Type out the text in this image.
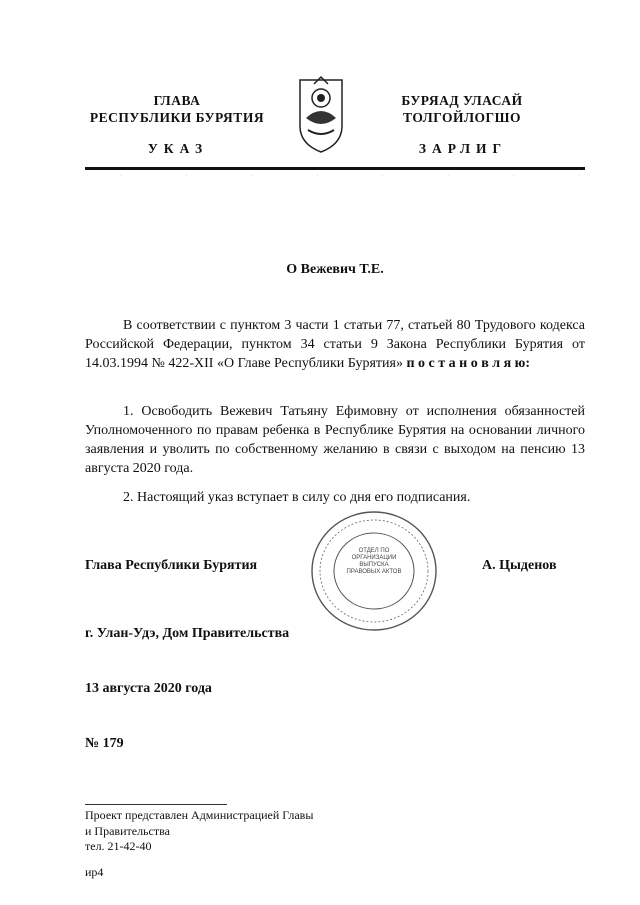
ГЛАВА
РЕСПУБЛИКИ БУРЯТИЯ
БУРЯАД УЛАСАЙ
ТОЛГОЙЛОГШО
УКАЗ	ЗАРЛИГ
·	·	·	·	·	·	·	·
О Вежевич Т.Е.
В соответствии с пунктом 3 части 1 статьи 77, статьей 80 Трудового кодекса Российской Федерации, пунктом 34 статьи 9 Закона Республики Бурятия от 14.03.1994 № 422-XII «О Главе Республики Бурятия» п о с т а н о в л я ю:
1. Освободить Вежевич Татьяну Ефимовну от исполнения обязанностей Уполномоченного по правам ребенка в Республике Бурятия на основании личного заявления и уволить по собственному желанию в связи с выходом на пенсию 13 августа 2020 года.
2. Настоящий указ вступает в силу со дня его подписания.
Глава Республики Бурятия
ОТДЕЛ ПО ОРГАНИЗАЦИИ ВЫПУСКА ПРАВОВЫХ АКТОВ	А. Цыденов
г. Улан-Удэ, Дом Правительства
13 августа 2020 года
№ 179
Проект представлен Администрацией Главы
и Правительства
тел. 21-42-40
ир4
